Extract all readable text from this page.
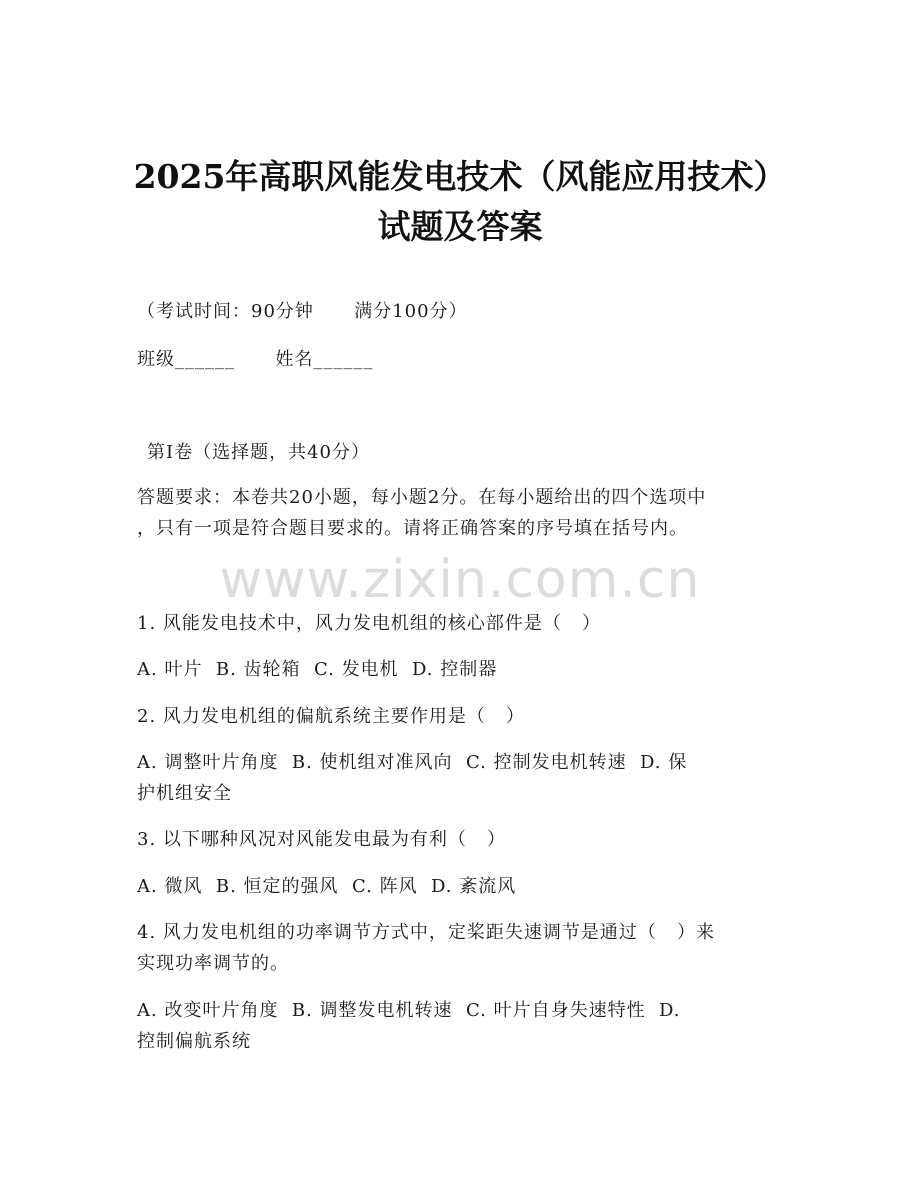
2025年高职风能发电技术（风能应用技术）
试题及答案
（考试时间：90分钟      满分100分）
班级______      姓名______
第I卷（选择题，共40分）
答题要求：本卷共20小题，每小题2分。在每小题给出的四个选项中
，只有一项是符合题目要求的。请将正确答案的序号填在括号内。
www.zixin.com.cn
1. 风能发电技术中，风力发电机组的核心部件是（   ）
A. 叶片  B. 齿轮箱  C. 发电机  D. 控制器
2. 风力发电机组的偏航系统主要作用是（   ）
A. 调整叶片角度  B. 使机组对准风向  C. 控制发电机转速  D. 保
护机组安全
3. 以下哪种风况对风能发电最为有利（   ）
A. 微风  B. 恒定的强风  C. 阵风  D. 紊流风
4. 风力发电机组的功率调节方式中，定桨距失速调节是通过（   ）来
实现功率调节的。
A. 改变叶片角度  B. 调整发电机转速  C. 叶片自身失速特性  D.
控制偏航系统
